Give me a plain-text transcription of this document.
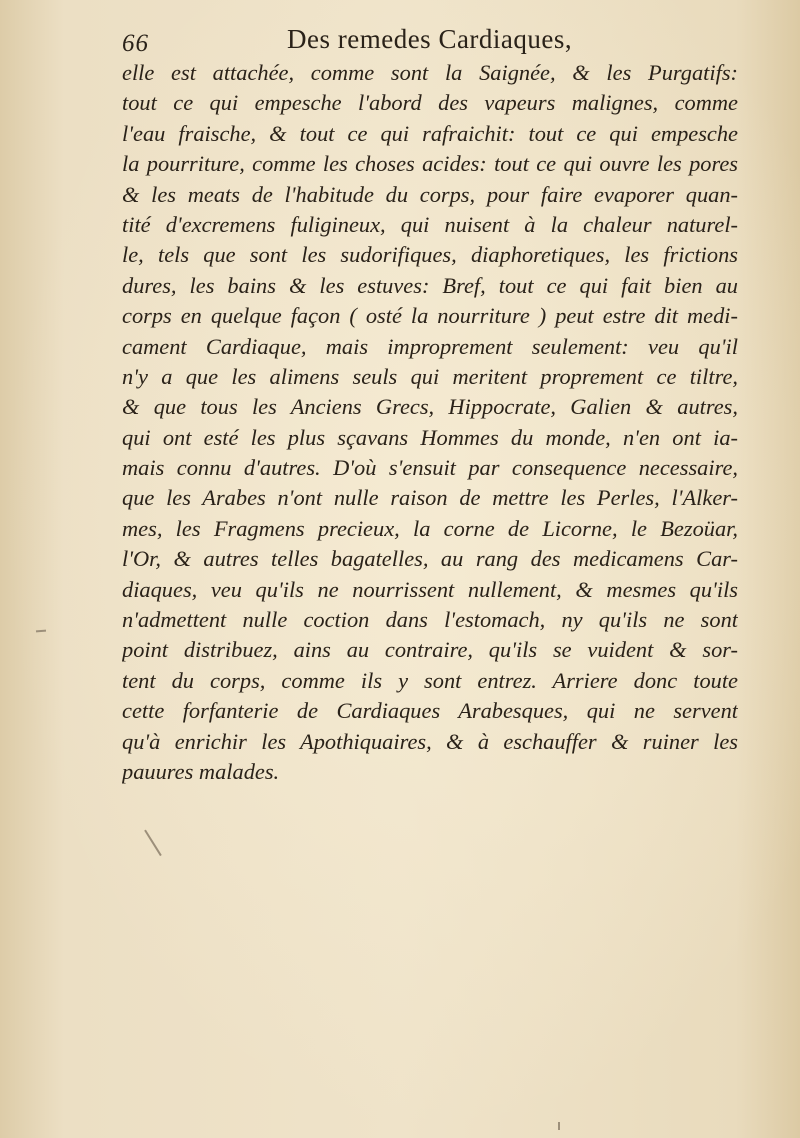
66	Des remedes Cardiaques,
elle est attachée, comme sont la Saignée, & les Purgatifs:
tout ce qui empesche l'abord des vapeurs malignes, comme
l'eau fraische, & tout ce qui rafraichit: tout ce qui empesche
la pourriture, comme les choses acides: tout ce qui ouvre les pores
& les meats de l'habitude du corps, pour faire evaporer quan-
tité d'excremens fuligineux, qui nuisent à la chaleur naturel-
le, tels que sont les sudorifiques, diaphoretiques, les frictions
dures, les bains & les estuves: Bref, tout ce qui fait bien au
corps en quelque façon ( osté la nourriture ) peut estre dit medi-
cament Cardiaque, mais improprement seulement: veu qu'il
n'y a que les alimens seuls qui meritent proprement ce tiltre,
& que tous les Anciens Grecs, Hippocrate, Galien & autres,
qui ont esté les plus sçavans Hommes du monde, n'en ont ia-
mais connu d'autres. D'où s'ensuit par consequence necessaire,
que les Arabes n'ont nulle raison de mettre les Perles, l'Alker-
mes, les Fragmens precieux, la corne de Licorne, le Bezoüar,
l'Or, & autres telles bagatelles, au rang des medicamens Car-
diaques, veu qu'ils ne nourrissent nullement, & mesmes qu'ils
n'admettent nulle coction dans l'estomach, ny qu'ils ne sont
point distribuez, ains au contraire, qu'ils se vuident & sor-
tent du corps, comme ils y sont entrez. Arriere donc toute
cette forfanterie de Cardiaques Arabesques, qui ne servent
qu'à enrichir les Apothiquaires, & à eschauffer & ruiner les
pauures malades.
